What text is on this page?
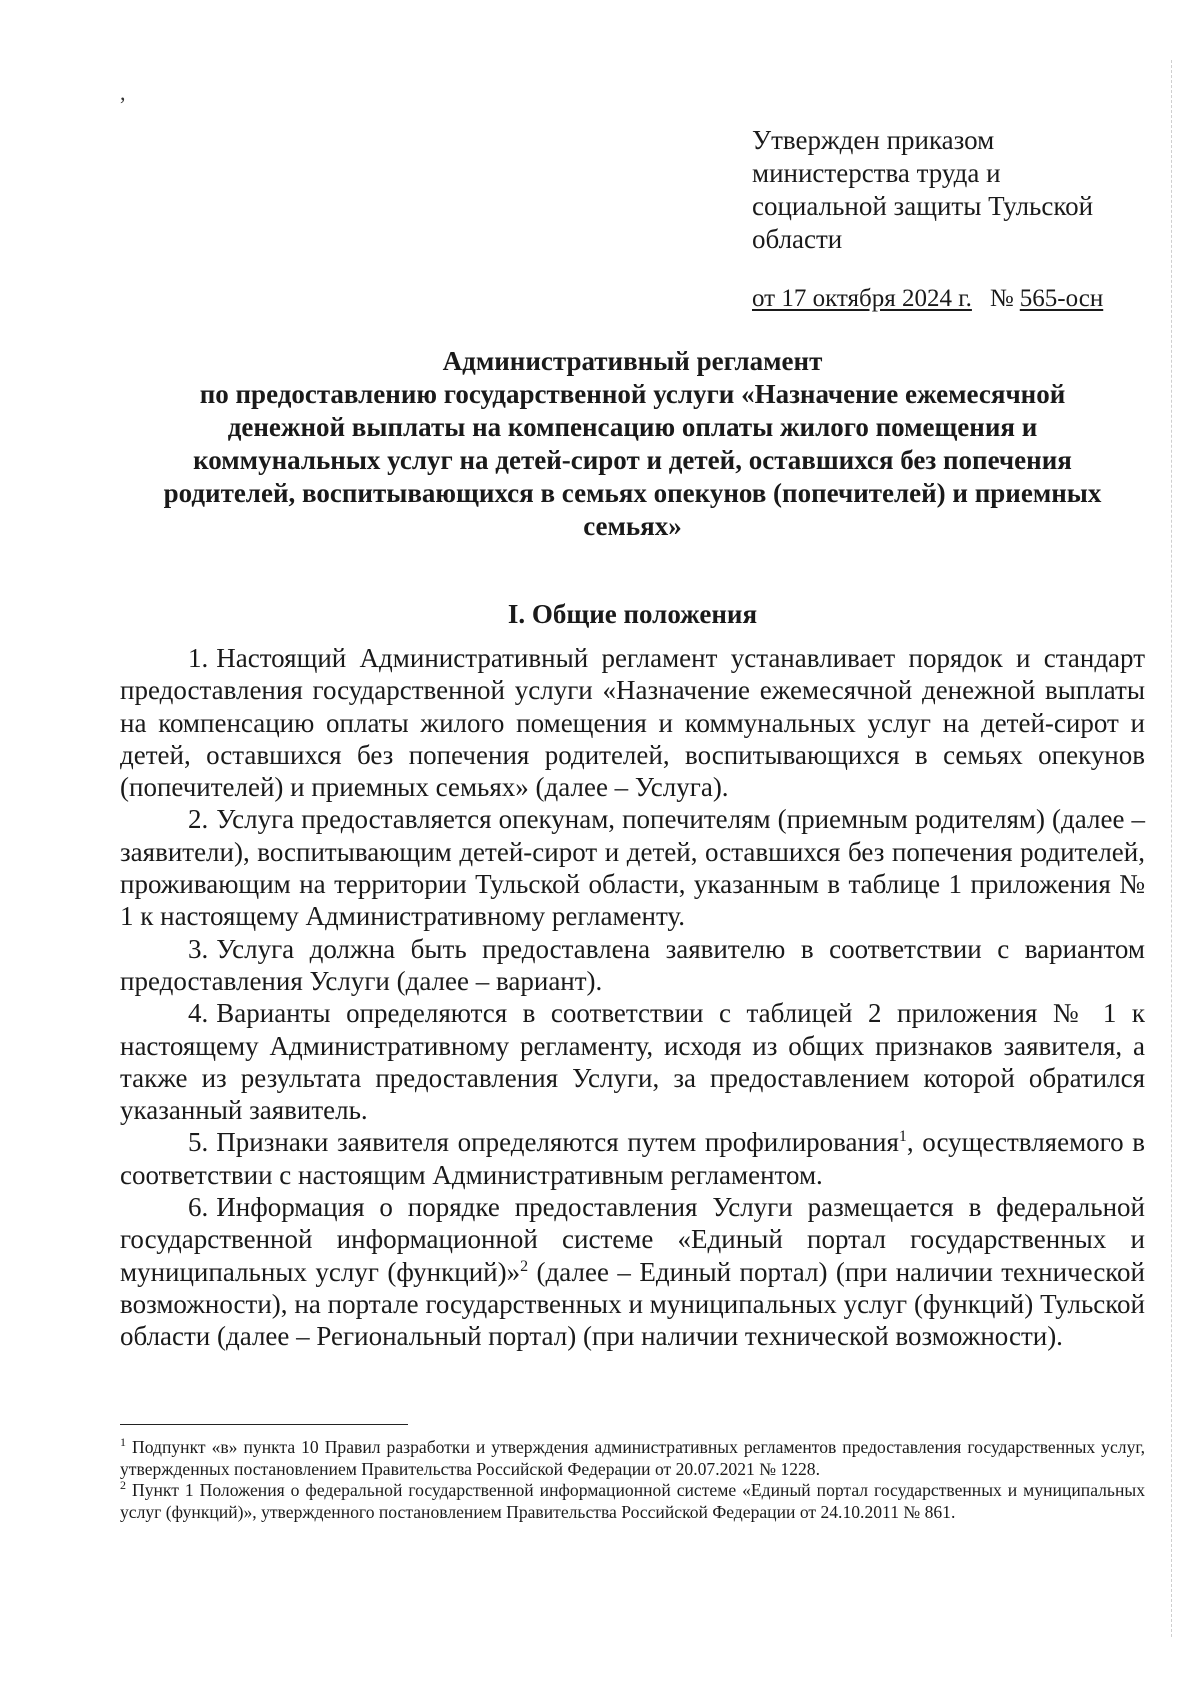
,
Утвержден приказом
министерства труда и
социальной защиты Тульской
области
от 17 октября 2024 г. № 565-осн
Административный регламент
по предоставлению государственной услуги «Назначение ежемесячной
денежной выплаты на компенсацию оплаты жилого помещения и
коммунальных услуг на детей-сирот и детей, оставшихся без попечения
родителей, воспитывающихся в семьях опекунов (попечителей) и приемных
семьях»
I. Общие положения

1. Настоящий Административный регламент устанавливает порядок и стандарт предоставления государственной услуги «Назначение ежемесячной денежной выплаты на компенсацию оплаты жилого помещения и коммунальных услуг на детей-сирот и детей, оставшихся без попечения родителей, воспитывающихся в семьях опекунов (попечителей) и приемных семьях» (далее – Услуга).

2. Услуга предоставляется опекунам, попечителям (приемным родителям) (далее – заявители), воспитывающим детей-сирот и детей, оставшихся без попечения родителей, проживающим на территории Тульской области, указанным в таблице 1 приложения № 1 к настоящему Административному регламенту.

3. Услуга должна быть предоставлена заявителю в соответствии с вариантом предоставления Услуги (далее – вариант).

4. Варианты определяются в соответствии с таблицей 2 приложения № 1 к настоящему Административному регламенту, исходя из общих признаков заявителя, а также из результата предоставления Услуги, за предоставлением которой обратился указанный заявитель.

5. Признаки заявителя определяются путем профилирования$^1$, осуществляемого в соответствии с настоящим Административным регламентом.

6. Информация о порядке предоставления Услуги размещается в федеральной государственной информационной системе «Единый портал государственных и муниципальных услуг (функций)»$^2$ (далее – Единый портал) (при наличии технической возможности), на портале государственных и муниципальных услуг (функций) Тульской области (далее – Региональный портал) (при наличии технической возможности).

$^1$ Подпункт «в» пункта 10 Правил разработки и утверждения административных регламентов предоставления государственных услуг, утвержденных постановлением Правительства Российской Федерации от 20.07.2021 № 1228.

$^2$ Пункт 1 Положения о федеральной государственной информационной системе «Единый портал государственных и муниципальных услуг (функций)», утвержденного постановлением Правительства Российской Федерации от 24.10.2011 № 861.
